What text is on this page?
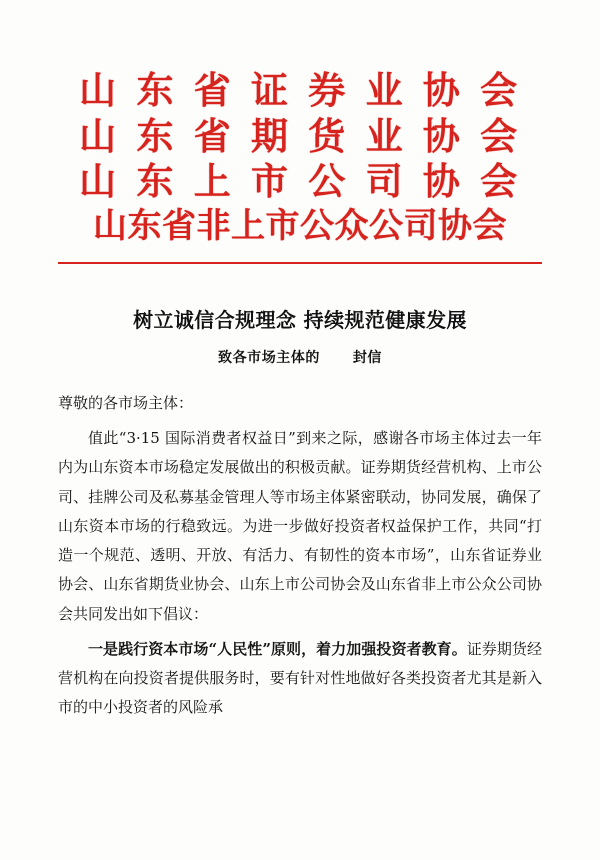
山 东 省 证 券 业 协 会
山 东 省 期 货 业 协 会
山 东 上 市 公 司 协 会
山东省非上市公众公司协会
树立诚信合规理念 持续规范健康发展
致各市场主体的 封信

尊敬的各市场主体：

值此“3·15 国际消费者权益日”到来之际，感谢各市场主体过去一年内为山东资本市场稳定发展做出的积极贡献。证券期货经营机构、上市公司、挂牌公司及私募基金管理人等市场主体紧密联动，协同发展，确保了山东资本市场的行稳致远。为进一步做好投资者权益保护工作，共同“打造一个规范、透明、开放、有活力、有韧性的资本市场”，山东省证券业协会、山东省期货业协会、山东上市公司协会及山东省非上市公众公司协会共同发出如下倡议：

一是践行资本市场“人民性”原则，着力加强投资者教育。证券期货经营机构在向投资者提供服务时，要有针对性地做好各类投资者尤其是新入市的中小投资者的风险承
